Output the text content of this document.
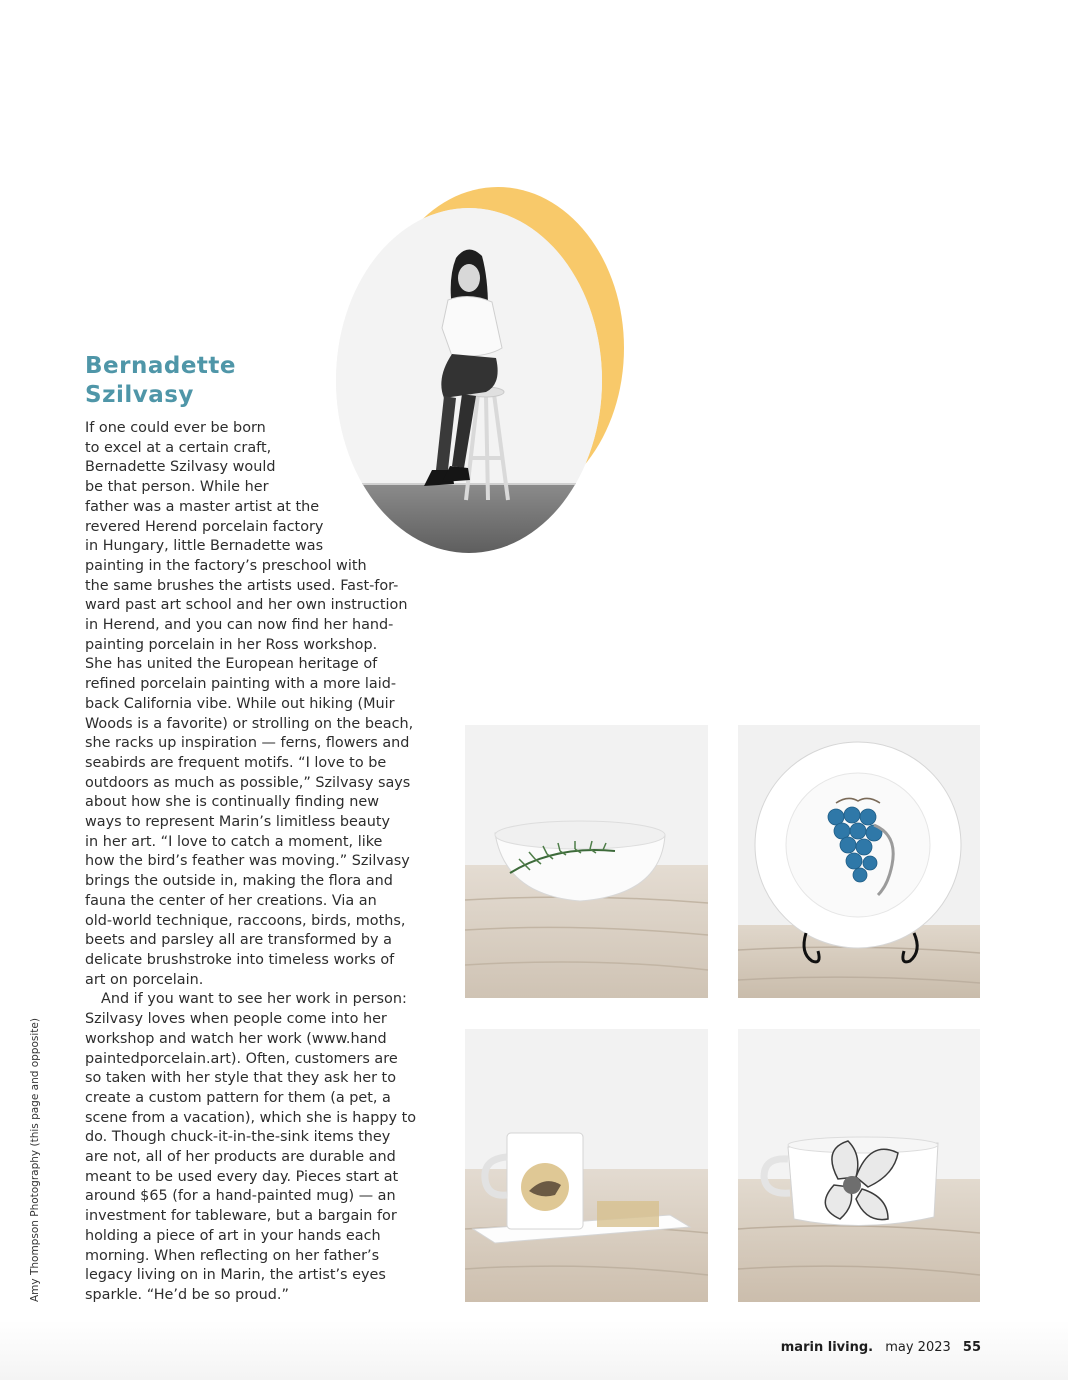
Bernadette
Szilvasy
If one could ever be born
to excel at a certain craft,
Bernadette Szilvasy would
be that person. While her
father was a master artist at the
revered Herend porcelain factory
in Hungary, little Bernadette was
painting in the factory’s preschool with
the same brushes the artists used. Fast-for-
ward past art school and her own instruction
in Herend, and you can now find her hand-
painting porcelain in her Ross workshop.
She has united the European heritage of
refined porcelain painting with a more laid-
back California vibe. While out hiking (Muir
Woods is a favorite) or strolling on the beach,
she racks up inspiration — ferns, flowers and
seabirds are frequent motifs. “I love to be
outdoors as much as possible,” Szilvasy says
about how she is continually finding new
ways to represent Marin’s limitless beauty
in her art. “I love to catch a moment, like
how the bird’s feather was moving.” Szilvasy
brings the outside in, making the flora and
fauna the center of her creations. Via an
old-world technique, raccoons, birds, moths,
beets and parsley all are transformed by a
delicate brushstroke into timeless works of
art on porcelain.
And if you want to see her work in person:
Szilvasy loves when people come into her
workshop and watch her work (www.hand
paintedporcelain.art). Often, customers are
so taken with her style that they ask her to
create a custom pattern for them (a pet, a
scene from a vacation), which she is happy to
do. Though chuck-it-in-the-sink items they
are not, all of her products are durable and
meant to be used every day. Pieces start at
around $65 (for a hand-painted mug) — an
investment for tableware, but a bargain for
holding a piece of art in your hands each
morning. When reflecting on her father’s
legacy living on in Marin, the artist’s eyes
sparkle. “He’d be so proud.”
Amy Thompson Photography (this page and opposite)
marin living. may 2023 55
